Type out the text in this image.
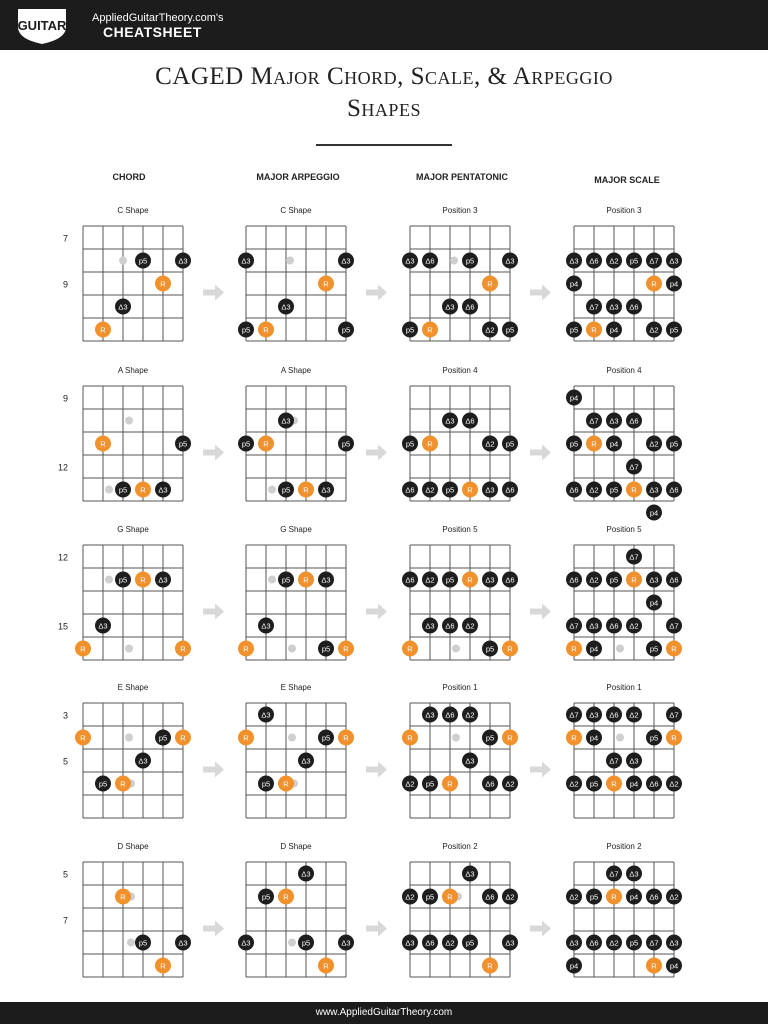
GUITAR AppliedGuitarTheory.com's
CHEATSHEET
CAGED Major Chord, Scale, & Arpeggio
Shapes
CHORD	MAJOR ARPEGGIO	MAJOR PENTATONIC	MAJOR SCALE
7
9
C Shape
p5	Δ3
R
Δ3
R
C Shape
Δ3	Δ3
R
Δ3
p5 R	p5
Position 3
Δ3 Δ6	p5	Δ3
R
Δ3 Δ6
p5 R	Δ2 p5
Position 3
Δ3 Δ6 Δ2 p5 Δ7 Δ3
p4	R p4
Δ7 Δ3 Δ6
p5 R p4	Δ2 p5
9
12
A Shape
R	p5
p5 R Δ3
A Shape
Δ3
p5 R	p5
p5 R Δ3
Position 4
Δ3 Δ6
p5 R	Δ2 p5
Δ6 Δ2 p5 R Δ3 Δ6
Position 4
p4
Δ7 Δ3 Δ6
p5 R p4	Δ2 p5
Δ7
Δ6 Δ2 p5 R Δ3 Δ6
p4
12
15
G Shape
p5 R Δ3
Δ3
R	R
G Shape
p5 R Δ3
Δ3
R	p5 R
Position 5
Δ6 Δ2 p5 R Δ3 Δ6
Δ3 Δ6 Δ2
R	p5 R
Position 5
Δ7
Δ6 Δ2 p5 R Δ3 Δ6
p4
Δ7 Δ3 Δ6 Δ2	Δ7
R p4	p5 R
3
5
E Shape
R	p5 R
Δ3
p5 R
E Shape
Δ3
R	p5 R
Δ3
p5 R
Position 1
Δ3 Δ6 Δ2
R	p5 R
Δ3
Δ2 p5 R	Δ6 Δ2
Position 1
Δ7 Δ3 Δ6 Δ2	Δ7
R p4	p5 R
Δ7 Δ3
Δ2 p5 R p4 Δ6 Δ2
5
7
D Shape
R
p5	Δ3
R
D Shape
Δ3
p5 R
Δ3	p5	Δ3
R
Position 2
Δ3
Δ2 p5 R	Δ6 Δ2
Δ3 Δ6 Δ2 p5	Δ3
R
Position 2
Δ7 Δ3
Δ2 p5 R p4 Δ6 Δ2
Δ3 Δ6 Δ2 p5 Δ7 Δ3
p4	R p4
www.AppliedGuitarTheory.com
